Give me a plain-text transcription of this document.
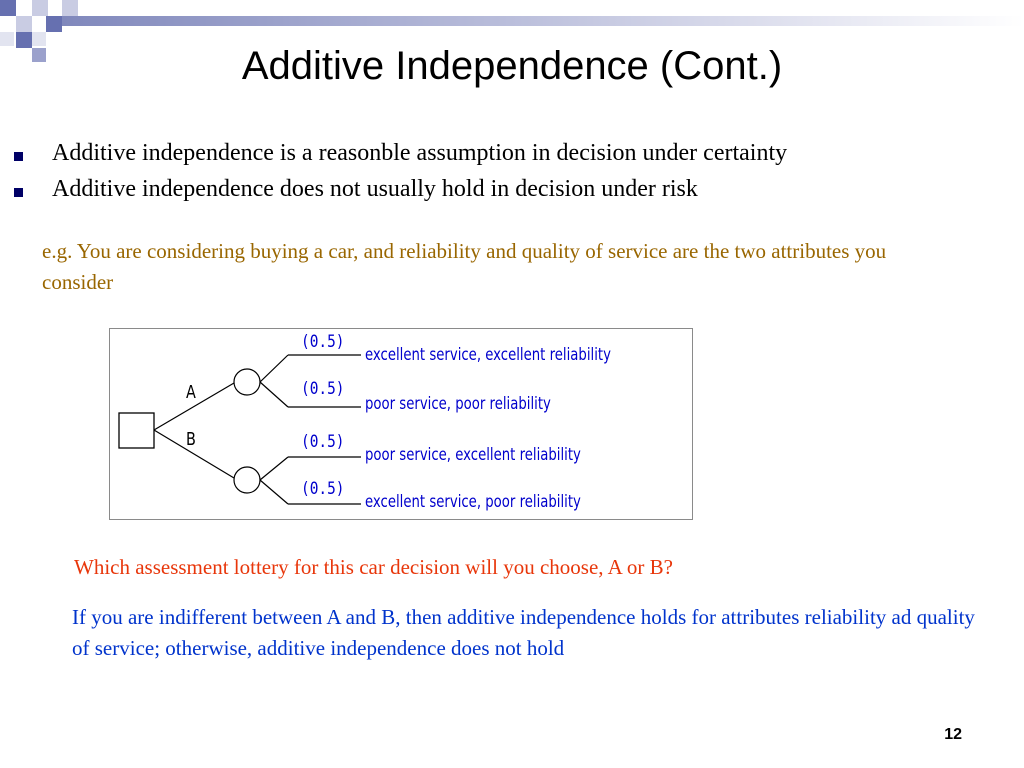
Additive Independence (Cont.)
Additive independence is a reasonble assumption in decision under certainty
Additive independence does not usually hold in decision under risk
e.g. You are considering buying a car, and reliability and quality of service are the two attributes you consider
A
B
(0.5)
excellent service, excellent reliability
(0.5)
poor service, poor reliability
(0.5)
poor service, excellent reliability
(0.5)
excellent service, poor reliability
Which assessment lottery for this car decision will you choose, A or B?
If you are indifferent between A and B, then additive independence holds for attributes reliability ad quality of service; otherwise, additive independence does not hold
12
